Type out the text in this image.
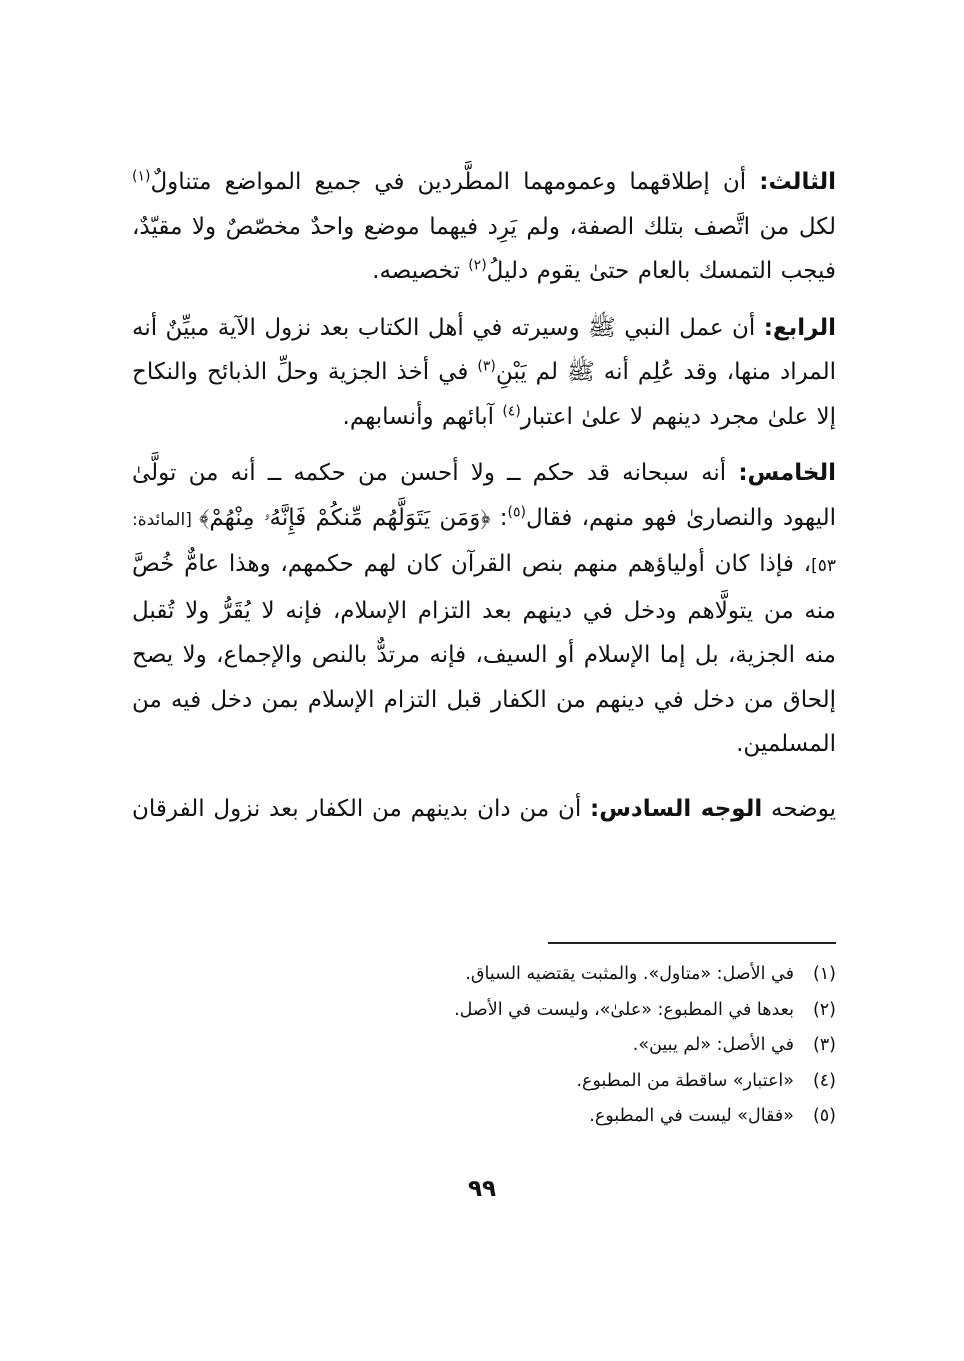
الثالث: أن إطلاقهما وعمومهما المطَّردين في جميع المواضع متناولٌ$^{(١)}$ لكل من اتَّصف بتلك الصفة، ولم يَرِد فيهما موضع واحدٌ مخصّصٌ ولا مقيّدٌ، فيجب التمسك بالعام حتىٰ يقوم دليلُ$^{(٢)}$ تخصيصه.

الرابع: أن عمل النبي ﷺ وسيرته في أهل الكتاب بعد نزول الآية مبيِّنٌ أنه المراد منها، وقد عُلِم أنه ﷺ لم يَبْنِ$^{(٣)}$ في أخذ الجزية وحلِّ الذبائح والنكاح إلا علىٰ مجرد دينهم لا علىٰ اعتبار$^{(٤)}$ آبائهم وأنسابهم.

الخامس: أنه سبحانه قد حكم ــ ولا أحسن من حكمه ــ أنه من تولَّىٰ اليهود والنصارىٰ فهو منهم، فقال$^{(٥)}$: ﴿وَمَن يَتَوَلَّهُم مِّنكُمْ فَإِنَّهُۥ مِنْهُمْ﴾ [المائدة: ٥٣]، فإذا كان أولياؤهم منهم بنص القرآن كان لهم حكمهم، وهذا عامٌّ خُصَّ منه من يتولَّاهم ودخل في دينهم بعد التزام الإسلام، فإنه لا يُقَرُّ ولا تُقبل منه الجزية، بل إما الإسلام أو السيف، فإنه مرتدٌّ بالنص والإجماع، ولا يصح إلحاق من دخل في دينهم من الكفار قبل التزام الإسلام بمن دخل فيه من المسلمين.

يوضحه الوجه السادس: أن من دان بدينهم من الكفار بعد نزول الفرقان

(١)في الأصل: «متاول». والمثبت يقتضيه السياق.
(٢)بعدها في المطبوع: «علىٰ»، وليست في الأصل.
(٣)في الأصل: «لم يبين».
(٤)«اعتبار» ساقطة من المطبوع.
(٥)«فقال» ليست في المطبوع.
٩٩
